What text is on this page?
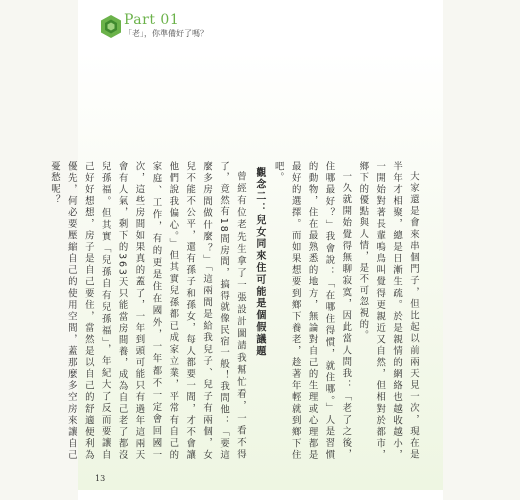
Part 01
「老」，你準備好了嗎？

大家還是會來串個門子，但比起以前兩天見一次，現在是半年才相聚，總是日漸生疏。於是親情的網絡也越收越小，一開始對著長輩嗚鳥叫覺得更親近又自然，但相對於都市，鄉下的優點與人情，是不可忽視的。

一久就開始覺得無聊寂寞，因此當人問我：「老了之後，住哪最好？」我會說：「在哪住得慣，就住哪。」人是習慣的動物，住在最熟悉的地方，無論對自己的生理或心理都是最好的選擇。而如果想要到鄉下養老，趁著年輕就到鄉下住吧。

觀念二：兒女同來住可能是個假議題

曾經有位老先生拿了一張設計圖請我幫忙看，一看不得了，竟然有18間房間，搞得就像民宿一般！我問他：「要這麼多房間做什麼？」「這兩間是給我兒子、兒子有兩個，女兒不能不公平，還有孫子和孫女，每人都要一間，才不會讓他們說我偏心。」但其實兒孫都已成家立業，平常有自己的家庭、工作，有的更是住在國外，一年都不一定會回國一次，這些房間如果真的蓋了，一年到頭可能只有過年這兩天會有人氣，剩下的363天只能當房間養，成為自己老了都沒兒孫福。但其實「兒孫自有兒孫福」，年紀大了反而要讓自己好好想想，房子是自己要住，當然是以自己的舒適便利為優先，何必要壓縮自己的使用空間，蓋那麼多空房來讓自己憂愁呢？

13
